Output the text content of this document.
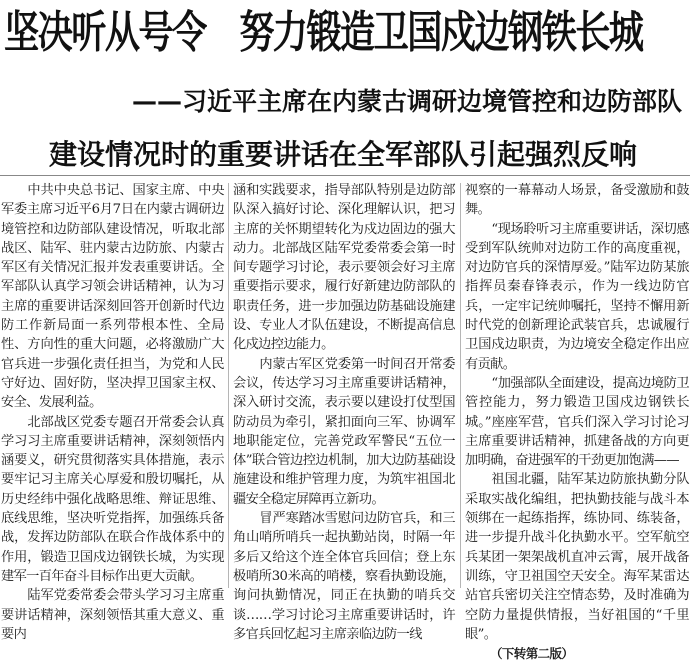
坚决听从号令　努力锻造卫国戍边钢铁长城
——习近平主席在内蒙古调研边境管控和边防部队
建设情况时的重要讲话在全军部队引起强烈反响

中共中央总书记、国家主席、中央军委主席习近平6月7日在内蒙古调研边境管控和边防部队建设情况，听取北部战区、陆军、驻内蒙古边防旅、内蒙古军区有关情况汇报并发表重要讲话。全军部队认真学习领会讲话精神，认为习主席的重要讲话深刻回答开创新时代边防工作新局面一系列带根本性、全局性、方向性的重大问题，必将激励广大官兵进一步强化责任担当，为党和人民守好边、固好防，坚决捍卫国家主权、安全、发展利益。

北部战区党委专题召开常委会认真学习习主席重要讲话精神，深刻领悟内涵要义，研究贯彻落实具体措施，表示要牢记习主席关心厚爱和殷切嘱托，从历史经纬中强化战略思维、辩证思维、底线思维，坚决听党指挥，加强练兵备战，发挥边防部队在联合作战体系中的作用，锻造卫国戍边钢铁长城，为实现建军一百年奋斗目标作出更大贡献。

陆军党委常委会带头学习习主席重要讲话精神，深刻领悟其重大意义、重要内

涵和实践要求，指导部队特别是边防部队深入搞好讨论、深化理解认识，把习主席的关怀期望转化为戍边固边的强大动力。北部战区陆军党委常委会第一时间专题学习讨论，表示要领会好习主席重要指示要求，履行好新建边防部队的职责任务，进一步加强边防基础设施建设、专业人才队伍建设，不断提高信息化戍边控边能力。

内蒙古军区党委第一时间召开常委会议，传达学习习主席重要讲话精神，深入研讨交流，表示要以建设打仗型国防动员为牵引，紧扣面向三军、协调军地职能定位，完善党政军警民“五位一体”联合管边控边机制，加大边防基础设施建设和维护管理力度，为筑牢祖国北疆安全稳定屏障再立新功。

冒严寒踏冰雪慰问边防官兵，和三角山哨所哨兵一起执勤站岗，时隔一年多后又给这个连全体官兵回信；登上东极哨所30米高的哨楼，察看执勤设施，询问执勤情况，同正在执勤的哨兵交谈……学习讨论习主席重要讲话时，许多官兵回忆起习主席亲临边防一线

视察的一幕幕动人场景，备受激励和鼓舞。

“现场聆听习主席重要讲话，深切感受到军队统帅对边防工作的高度重视，对边防官兵的深情厚爱。”陆军边防某旅指挥员秦春锋表示，作为一线边防官兵，一定牢记统帅嘱托，坚持不懈用新时代党的创新理论武装官兵，忠诚履行卫国戍边职责，为边境安全稳定作出应有贡献。

“加强部队全面建设，提高边境防卫管控能力，努力锻造卫国戍边钢铁长城。”座座军营，官兵们深入学习讨论习主席重要讲话精神，抓建备战的方向更加明确，奋进强军的干劲更加饱满——

祖国北疆，陆军某边防旅执勤分队采取实战化编组，把执勤技能与战斗本领绑在一起练指挥，练协同、练装备，进一步提升战斗化执勤水平。空军航空兵某团一架架战机直冲云霄，展开战备训练，守卫祖国空天安全。海军某雷达站官兵密切关注空情态势，及时准确为空防力量提供情报，当好祖国的“千里眼”。

（下转第二版）
